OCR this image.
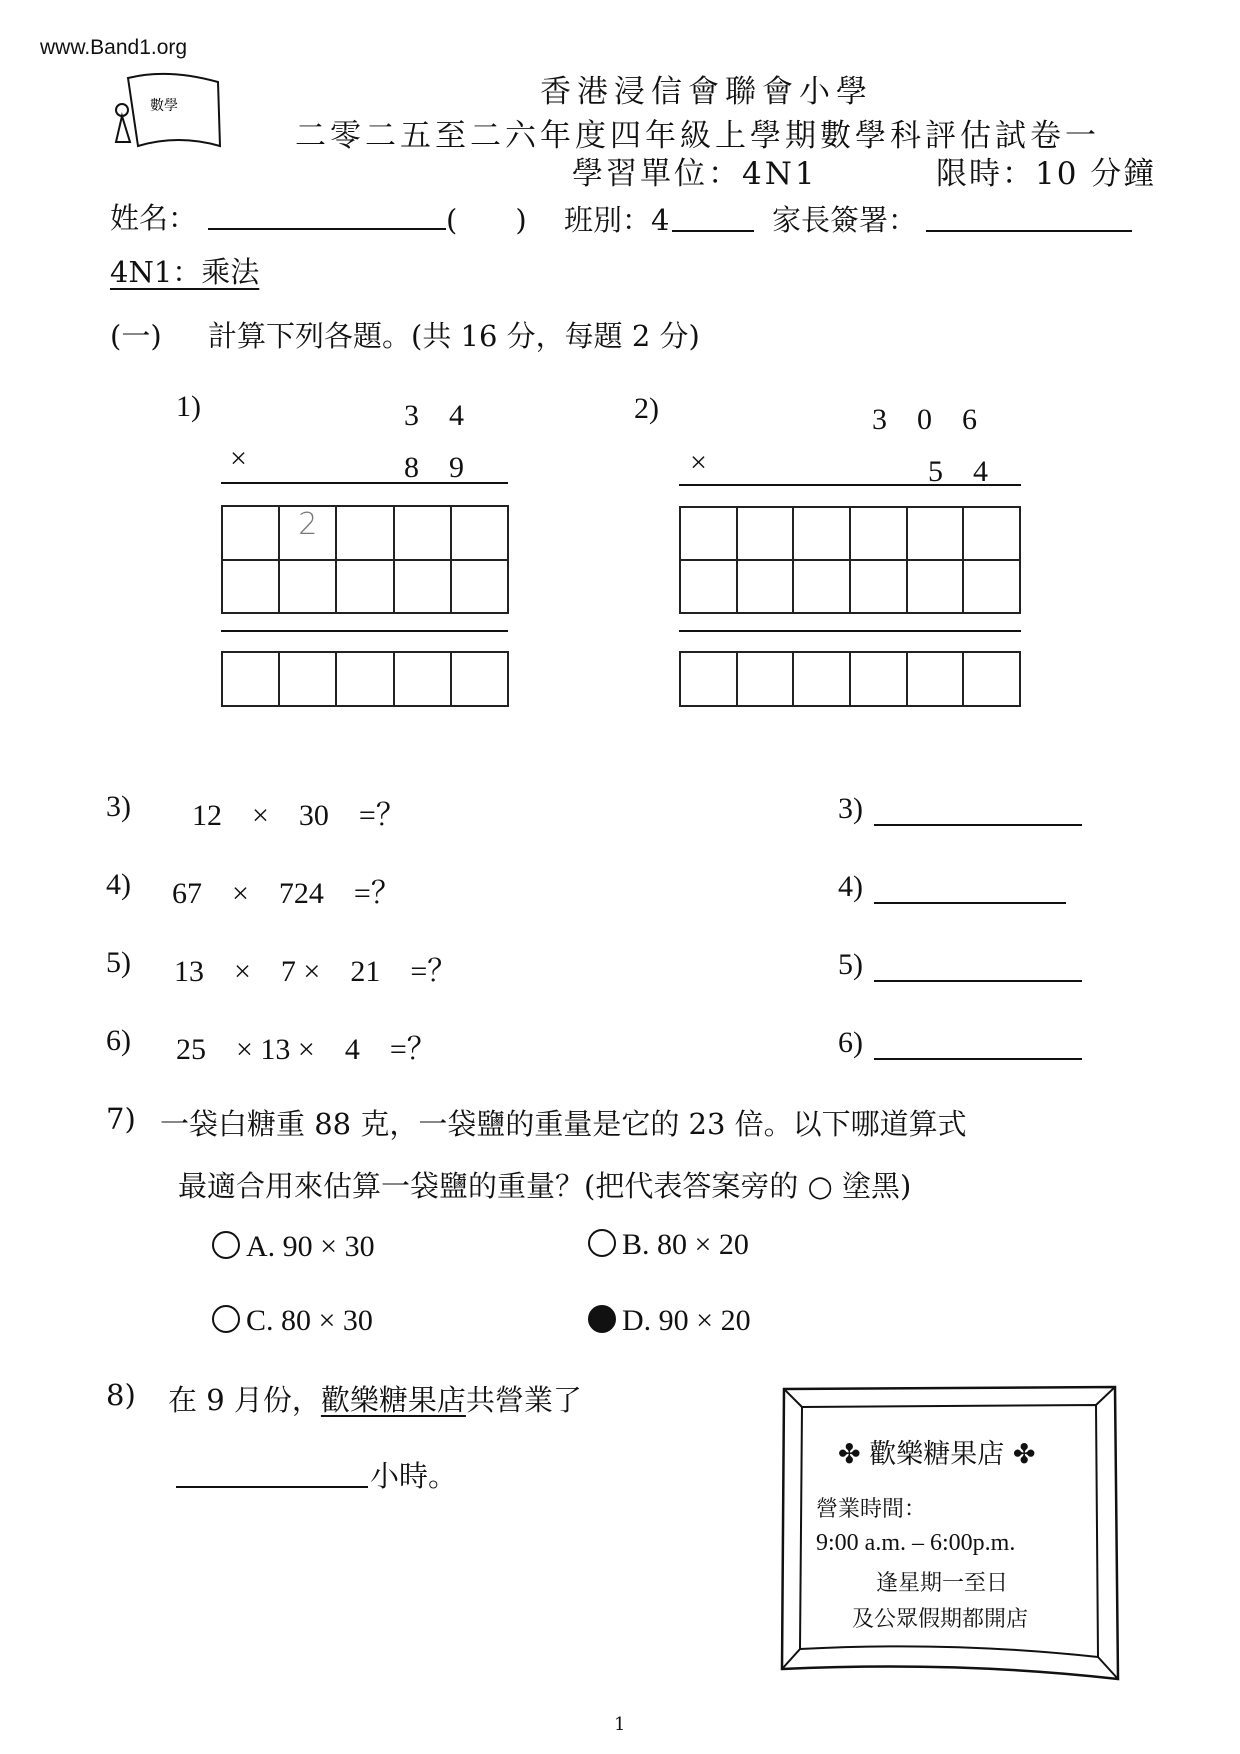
www.Band1.org
數學	香港浸信會聯會小學
二零二五至二六年度四年級上學期數學科評估試卷一
學習單位：4N1	限時：10 分鐘
姓名：	(　　) 班別：4	家長簽署：
4N1：乘法
(一) 計算下列各題。(共 16 分，每題 2 分)
1)	3　4
×	8　9
2
2)	3　0　6
×	5　4
3) 12　×　30　=？	3)
4) 67　×　724　=？	4)
5) 13　×　7 ×　21　=？	5)
6) 25　× 13 ×　4　=？	6)
7) 一袋白糖重 88 克，一袋鹽的重量是它的 23 倍。以下哪道算式
最適合用來估算一袋鹽的重量？(把代表答案旁的 ○ 塗黑)
A. 90 × 30	B. 80 × 20
C. 80 × 30	D. 90 × 20
8) 在 9 月份，歡樂糖果店共營業了
小時。
✤ 歡樂糖果店 ✤
營業時間：
9:00 a.m. – 6:00p.m.
逢星期一至日
及公眾假期都開店
1
